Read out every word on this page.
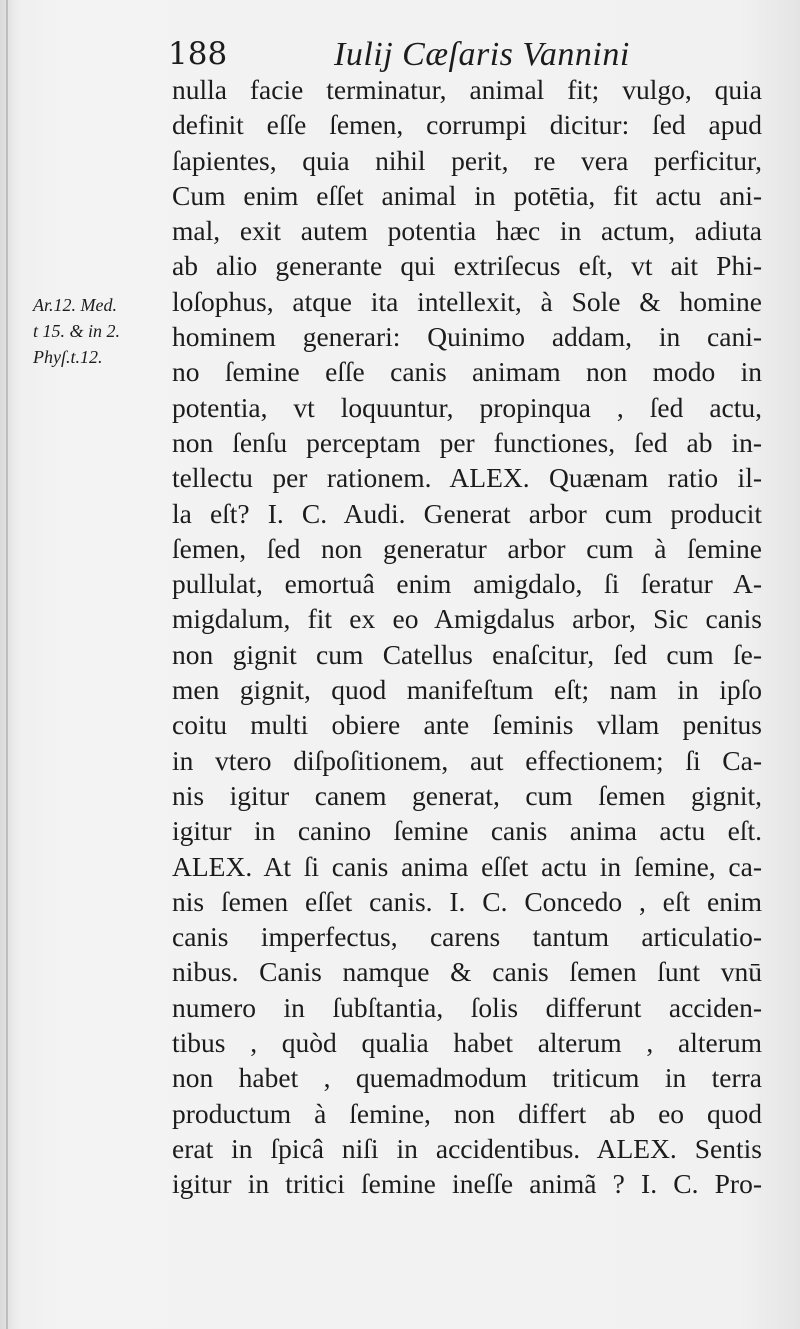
188	Iulij Cæſaris Vannini
Ar.12. Med.
t 15. & in 2.
Phyſ.t.12.
nulla facie terminatur, animal fit; vulgo, quia
definit eſſe ſemen, corrumpi dicitur: ſed apud
ſapientes, quia nihil perit, re vera perficitur,
Cum enim eſſet animal in potētia, fit actu ani-
mal, exit autem potentia hæc in actum, adiuta
ab alio generante qui extriſecus eſt, vt ait Phi-
loſophus, atque ita intellexit, à Sole & homine
hominem generari: Quinimo addam, in cani-
no ſemine eſſe canis animam non modo in
potentia, vt loquuntur, propinqua , ſed actu,
non ſenſu perceptam per functiones, ſed ab in-
tellectu per rationem. ALEX. Quænam ratio il-
la eſt? I. C. Audi. Generat arbor cum producit
ſemen, ſed non generatur arbor cum à ſemine
pullulat, emortuâ enim amigdalo, ſi ſeratur A-
migdalum, fit ex eo Amigdalus arbor, Sic canis
non gignit cum Catellus enaſcitur, ſed cum ſe-
men gignit, quod manifeſtum eſt; nam in ipſo
coitu multi obiere ante ſeminis vllam penitus
in vtero diſpoſitionem, aut effectionem; ſi Ca-
nis igitur canem generat, cum ſemen gignit,
igitur in canino ſemine canis anima actu eſt.
ALEX. At ſi canis anima eſſet actu in ſemine, ca-
nis ſemen eſſet canis. I. C. Concedo , eſt enim
canis imperfectus, carens tantum articulatio-
nibus. Canis namque & canis ſemen ſunt vnū
numero in ſubſtantia, ſolis differunt acciden-
tibus , quòd qualia habet alterum , alterum
non habet , quemadmodum triticum in terra
productum à ſemine, non differt ab eo quod
erat in ſpicâ niſi in accidentibus. ALEX. Sentis
igitur in tritici ſemine ineſſe animã ? I. C. Pro-
